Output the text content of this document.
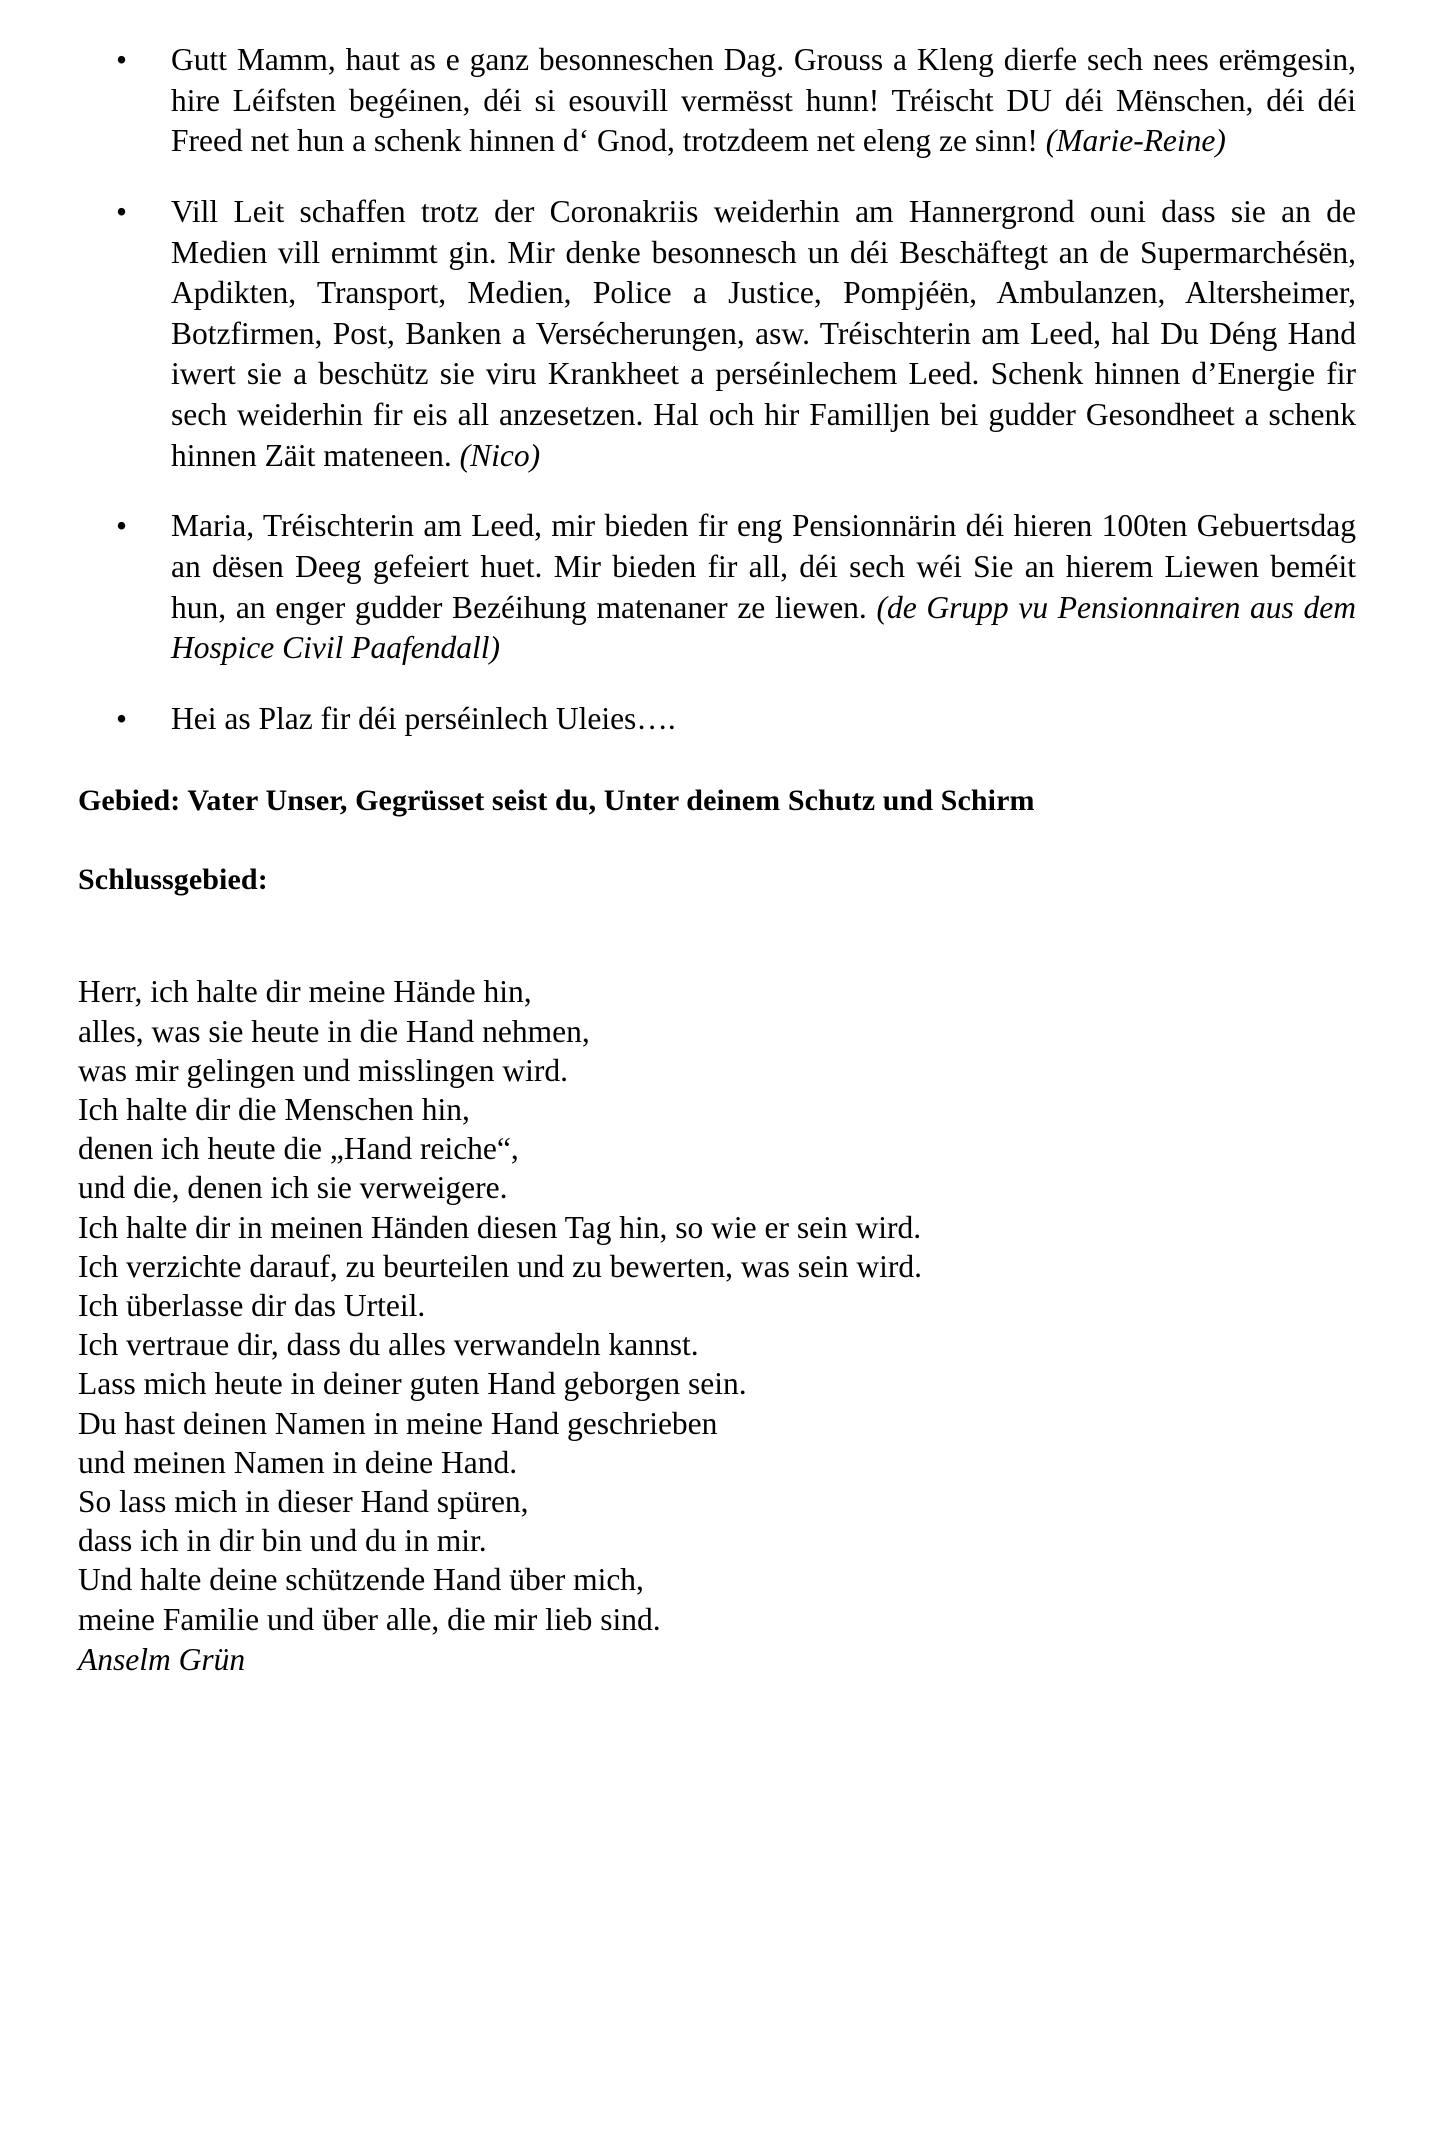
• Gutt Mamm, haut as e ganz besonneschen Dag. Grouss a Kleng dierfe sech nees erëmgesin, hire Léifsten begéinen, déi si esouvill vermësst hunn! Tréischt DU déi Mënschen, déi déi Freed net hun a schenk hinnen d‘ Gnod, trotzdeem net eleng ze sinn! (Marie-Reine)
• Vill Leit schaffen trotz der Coronakriis weiderhin am Hannergrond ouni dass sie an de Medien vill ernimmt gin. Mir denke besonnesch un déi Beschäftegt an de Supermarchésën, Apdikten, Transport, Medien, Police a Justice, Pompjéën, Ambulanzen, Altersheimer, Botzfirmen, Post, Banken a Versécherungen, asw. Tréischterin am Leed, hal Du Déng Hand iwert sie a beschütz sie viru Krankheet a perséinlechem Leed. Schenk hinnen d’Energie fir sech weiderhin fir eis all anzesetzen. Hal och hir Familljen bei gudder Gesondheet a schenk hinnen Zäit mateneen. (Nico)
• Maria, Tréischterin am Leed, mir bieden fir eng Pensionnärin déi hieren 100ten Gebuertsdag an dësen Deeg gefeiert huet. Mir bieden fir all, déi sech wéi Sie an hierem Liewen beméit hun, an enger gudder Bezéihung matenaner ze liewen. (de Grupp vu Pensionnairen aus dem Hospice Civil Paafendall)
• Hei as Plaz fir déi perséinlech Uleies….

Gebied: Vater Unser, Gegrüsset seist du, Unter deinem Schutz und Schirm

Schlussgebied:

Herr, ich halte dir meine Hände hin,
alles, was sie heute in die Hand nehmen,
was mir gelingen und misslingen wird.
Ich halte dir die Menschen hin,
denen ich heute die „Hand reiche“,
und die, denen ich sie verweigere.
Ich halte dir in meinen Händen diesen Tag hin, so wie er sein wird.
Ich verzichte darauf, zu beurteilen und zu bewerten, was sein wird.
Ich überlasse dir das Urteil.
Ich vertraue dir, dass du alles verwandeln kannst.
Lass mich heute in deiner guten Hand geborgen sein.
Du hast deinen Namen in meine Hand geschrieben
und meinen Namen in deine Hand.
So lass mich in dieser Hand spüren,
dass ich in dir bin und du in mir.
Und halte deine schützende Hand über mich,
meine Familie und über alle, die mir lieb sind.
Anselm Grün
